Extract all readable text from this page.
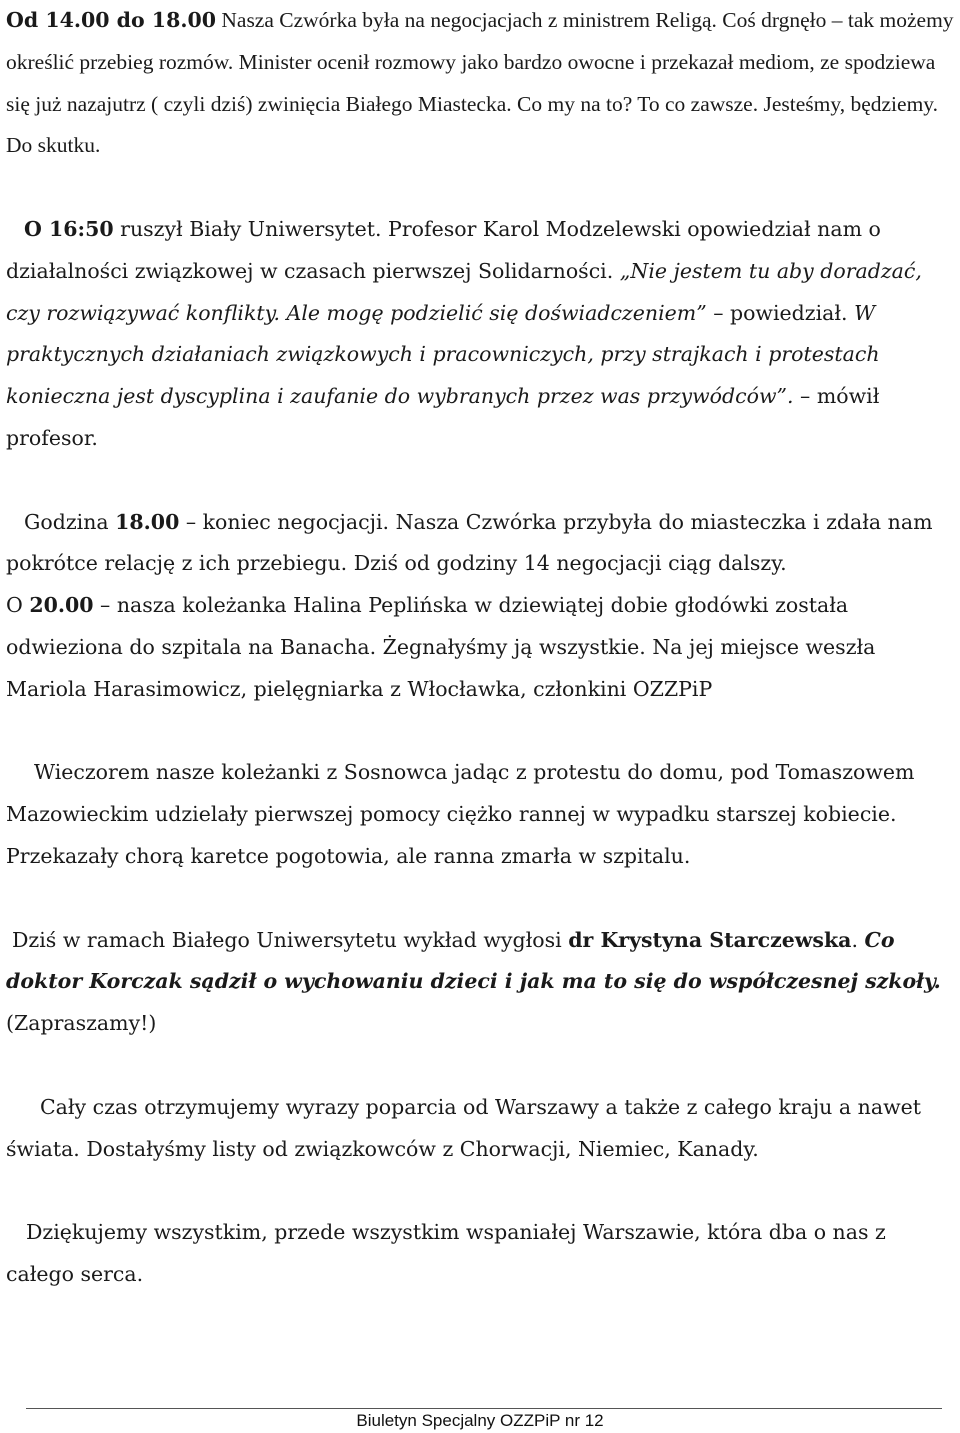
Od 14.00 do 18.00 Nasza Czwórka była na negocjacjach z ministrem Religą. Coś drgnęło – tak możemy określić przebieg rozmów. Minister ocenił rozmowy jako bardzo owocne i przekazał mediom, ze spodziewa się już nazajutrz ( czyli dziś) zwinięcia Białego Miastecka. Co my na to? To co zawsze. Jesteśmy, będziemy. Do skutku.

O 16:50 ruszył Biały Uniwersytet. Profesor Karol Modzelewski opowiedział nam o działalności związkowej w czasach pierwszej Solidarności. „Nie jestem tu aby doradzać, czy rozwiązywać konflikty. Ale mogę podzielić się doświadczeniem” – powiedział. W praktycznych działaniach związkowych i pracowniczych, przy strajkach i protestach konieczna jest dyscyplina i zaufanie do wybranych przez was przywódców”. – mówił profesor.

Godzina 18.00 – koniec negocjacji. Nasza Czwórka przybyła do miasteczka i zdała nam pokrótce relację z ich przebiegu. Dziś od godziny 14 negocjacji ciąg dalszy.
O 20.00 – nasza koleżanka Halina Peplińska w dziewiątej dobie głodówki została odwieziona do szpitala na Banacha. Żegnałyśmy ją wszystkie. Na jej miejsce weszła Mariola Harasimowicz, pielęgniarka z Włocławka, członkini OZZPiP

Wieczorem nasze koleżanki z Sosnowca jadąc z protestu do domu, pod Tomaszowem Mazowieckim udzielały pierwszej pomocy ciężko rannej w wypadku starszej kobiecie. Przekazały chorą karetce pogotowia, ale ranna zmarła w szpitalu.

Dziś w ramach Białego Uniwersytetu wykład wygłosi dr Krystyna Starczewska. Co doktor Korczak sądził o wychowaniu dzieci i jak ma to się do współczesnej szkoły. (Zapraszamy!)

Cały czas otrzymujemy wyrazy poparcia od Warszawy a także z całego kraju a nawet świata. Dostałyśmy listy od związkowców z Chorwacji, Niemiec, Kanady.

Dziękujemy wszystkim, przede wszystkim wspaniałej Warszawie, która dba o nas z całego serca.

Biuletyn Specjalny OZZPiP nr 12
